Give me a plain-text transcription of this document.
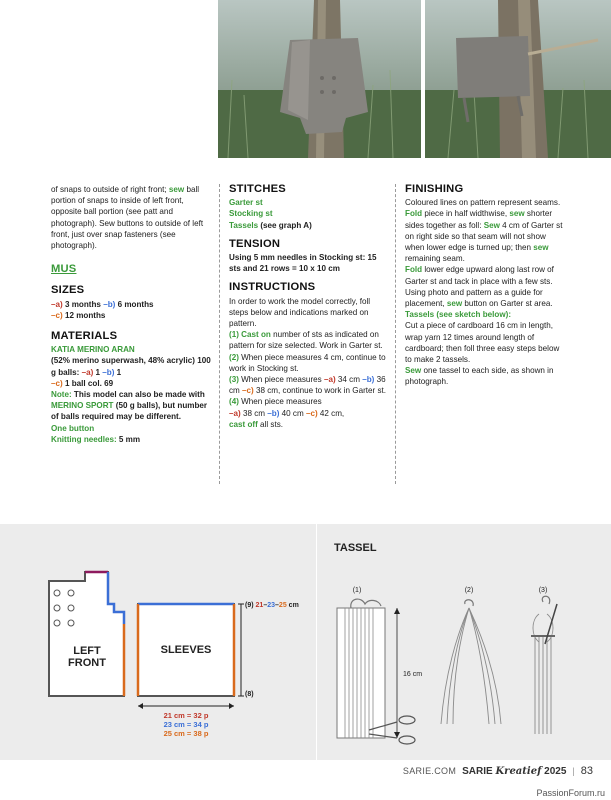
of snaps to outside of right front; sew ball portion of snaps to inside of left front, opposite ball portion (see patt and photograph). Sew buttons to outside of left front, just over snap fasteners (see photograph).

MUS
SIZES

–a) 3 months –b) 6 months
–c) 12 months

MATERIALS

KATIA MERINO ARAN
(52% merino superwash, 48% acrylic) 100 g balls: –a) 1 –b) 1
–c) 1 ball col. 69
Note: This model can also be made with MERINO SPORT (50 g balls), but number of balls required may be different.
One button
Knitting needles: 5 mm

STITCHES

Garter st
Stocking st
Tassels (see graph A)

TENSION

Using 5 mm needles in Stocking st: 15 sts and 21 rows = 10 x 10 cm

INSTRUCTIONS

In order to work the model correctly, foll steps below and indications marked on pattern.

(1) Cast on number of sts as indicated on pattern for size selected. Work in Garter st.

(2) When piece measures 4 cm, continue to work in Stocking st.

(3) When piece measures –a) 34 cm –b) 36 cm –c) 38 cm, continue to work in Garter st.

(4) When piece measures
–a) 38 cm –b) 40 cm –c) 42 cm,
cast off all sts.

FINISHING

Coloured lines on pattern represent seams.

Fold piece in half widthwise, sew shorter sides together as foll: Sew 4 cm of Garter st on right side so that seam will not show when lower edge is turned up; then sew remaining seam.

Fold lower edge upward along last row of Garter st and tack in place with a few sts. Using photo and pattern as a guide for placement, sew button on Garter st area.

Tassels (see sketch below):

Cut a piece of cardboard 16 cm in length, wrap yarn 12 times around length of cardboard; then foll three easy steps below to make 2 tassels.

Sew one tassel to each side, as shown in photograph.

LEFT
FRONT
SLEEVES
(9) 21–23–25 cm
(8)
21 cm = 32 p
23 cm = 34 p
25 cm = 38 p
TASSEL
(1)	(2)	(3)
16 cm
SARIE.COM SARIE Kreatief 2025 | 83
PassionForum.ru
